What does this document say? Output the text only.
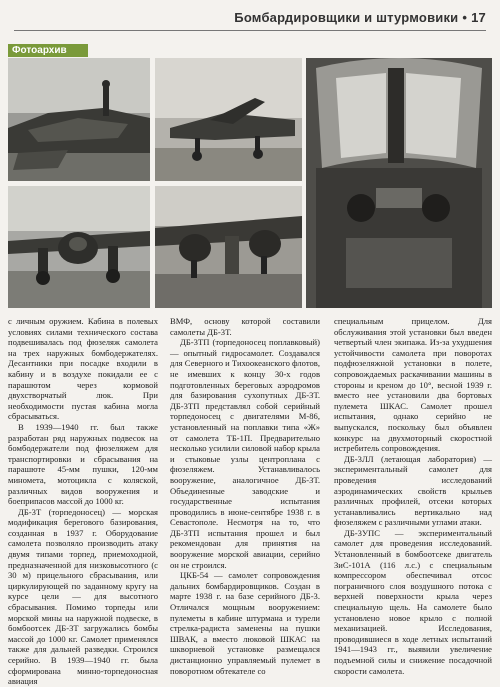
Бомбардировщики и штурмовики • 17
Фотоархив

с личным оружием. Кабина в полевых условиях силами технического состава подвешивалась под фюзеляж самолета на трех наружных бомбодержателях. Десантники при посадке входили в кабину и в воздухе покидали ее с парашютом через кормовой двухстворчатый люк. При необходимости пустая кабина могла сбрасываться.

В 1939—1940 гг. был также разработан ряд наружных подвесок на бомбодержатели под фюзеляжем для транспортировки и сбрасывания на парашюте 45-мм пушки, 120-мм миномета, мотоцикла с коляской, различных видов вооружения и боеприпасов массой до 1000 кг.

ДБ-3Т (торпедоносец) — морская модификация берегового базирования, созданная в 1937 г. Оборудование самолета позволяло производить атаку двумя типами торпед, приемоходной, предназначенной для низковысотного (с 30 м) прицельного сбрасывания, или циркулирующей по заданному кругу на курсе цели — для высотного сбрасывания. Помимо торпеды или морской мины на наружной подвеске, в бомбоотсек ДБ-3Т загружались бомбы массой до 1000 кг. Самолет применялся также для дальней разведки. Строился серийно. В 1939—1940 гг. была сформирована минно-торпедоносная авиация

ВМФ, основу которой составили самолеты ДБ-3Т.

ДБ-3ТП (торпедоносец поплавковый) — опытный гидросамолет. Создавался для Северного и Тихоокеанского флотов, не имевших к концу 30-х годов подготовленных береговых аэродромов для базирования сухопутных ДБ-3Т. ДБ-3ТП представлял собой серийный торпедоносец с двигателями М-86, установленный на поплавки типа «Ж» от самолета ТБ-1П. Предварительно несколько усилили силовой набор крыла и стыковые узлы центроплана с фюзеляжем. Устанавливалось вооружение, аналогичное ДБ-3Т. Объединенные заводские и государственные испытания проводились в июне-сентябре 1938 г. в Севастополе. Несмотря на то, что ДБ-3ТП испытания прошел и был рекомендован для принятия на вооружение морской авиации, серийно он не строился.

ЦКБ-54 — самолет сопровождения дальних бомбардировщиков. Создан в марте 1938 г. на базе серийного ДБ-3. Отличался мощным вооружением: пулеметы в кабине штурмана и турели стрелка-радиста заменены на пушки ШВАК, а вместо люковой ШКАС на шкворневой установке размещался дистанционно управляемый пулемет в поворотном обтекателе со

специальным прицелом. Для обслуживания этой установки был введен четвертый член экипажа. Из-за ухудшения устойчивости самолета при поворотах подфюзеляжной установки в полете, сопровождаемых раскачивании машины в стороны и креном до 10°, весной 1939 г. вместо нее установили два бортовых пулемета ШКАС. Самолет прошел испытания, однако серийно не выпускался, поскольку был объявлен конкурс на двухмоторный скоростной истребитель сопровождения.

ДБ-3ЛЛ (летающая лаборатория) — экспериментальный самолет для проведения исследований аэродинамических свойств крыльев различных профилей, отсеки которых устанавливались вертикально над фюзеляжем с различными углами атаки.

ДБ-3УПС — экспериментальный самолет для проведения исследований. Установленный в бомбоотсеке двигатель ЗиС-101А (116 л.с.) с специальным компрессором обеспечивал отсос пограничного слоя воздушного потока с верхней поверхности крыла через специальную щель. На самолете было установлено новое крыло с полной механизацией. Исследования, проводившиеся в ходе летных испытаний 1941—1943 гг., выявили увеличение подъемной силы и снижение посадочной скорости самолета.
